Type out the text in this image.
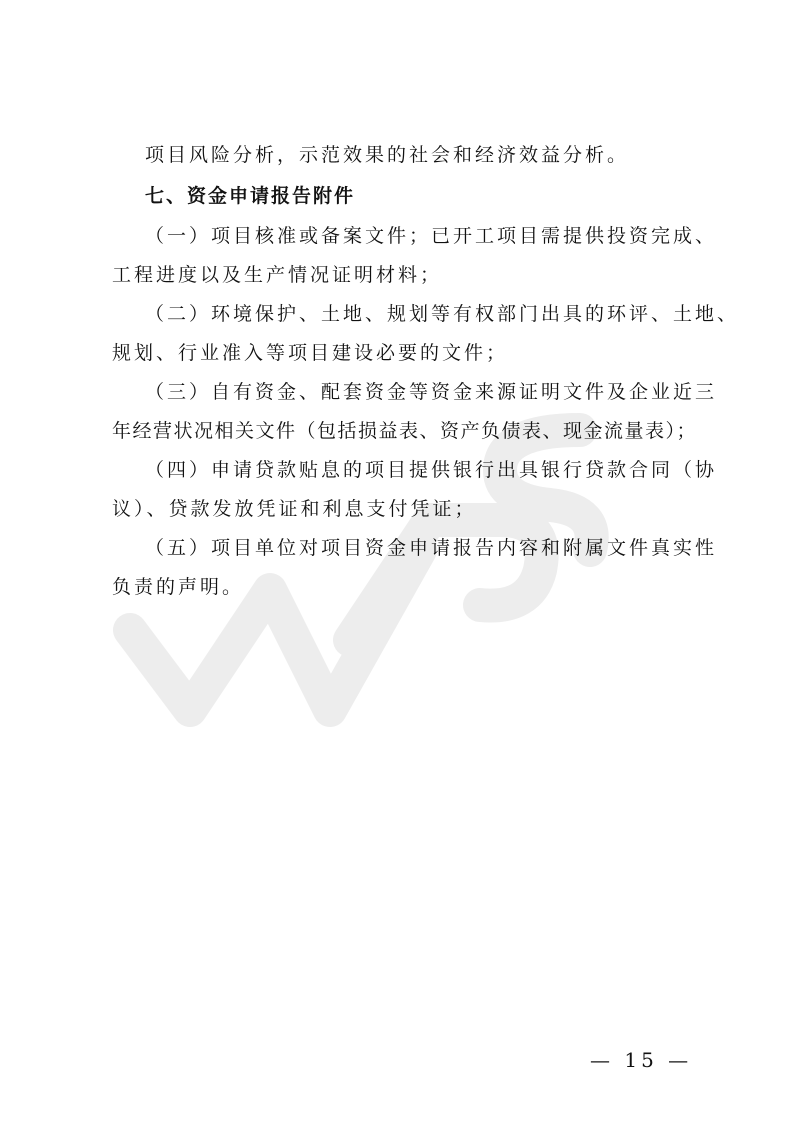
项目风险分析，示范效果的社会和经济效益分析。
七、资金申请报告附件
（一）项目核准或备案文件；已开工项目需提供投资完成、
工程进度以及生产情况证明材料；
（二）环境保护、土地、规划等有权部门出具的环评、土地、
规划、行业准入等项目建设必要的文件；
（三）自有资金、配套资金等资金来源证明文件及企业近三
年经营状况相关文件（包括损益表、资产负债表、现金流量表）；
（四）申请贷款贴息的项目提供银行出具银行贷款合同（协
议）、贷款发放凭证和利息支付凭证；
（五）项目单位对项目资金申请报告内容和附属文件真实性
负责的声明。
— 15 —
